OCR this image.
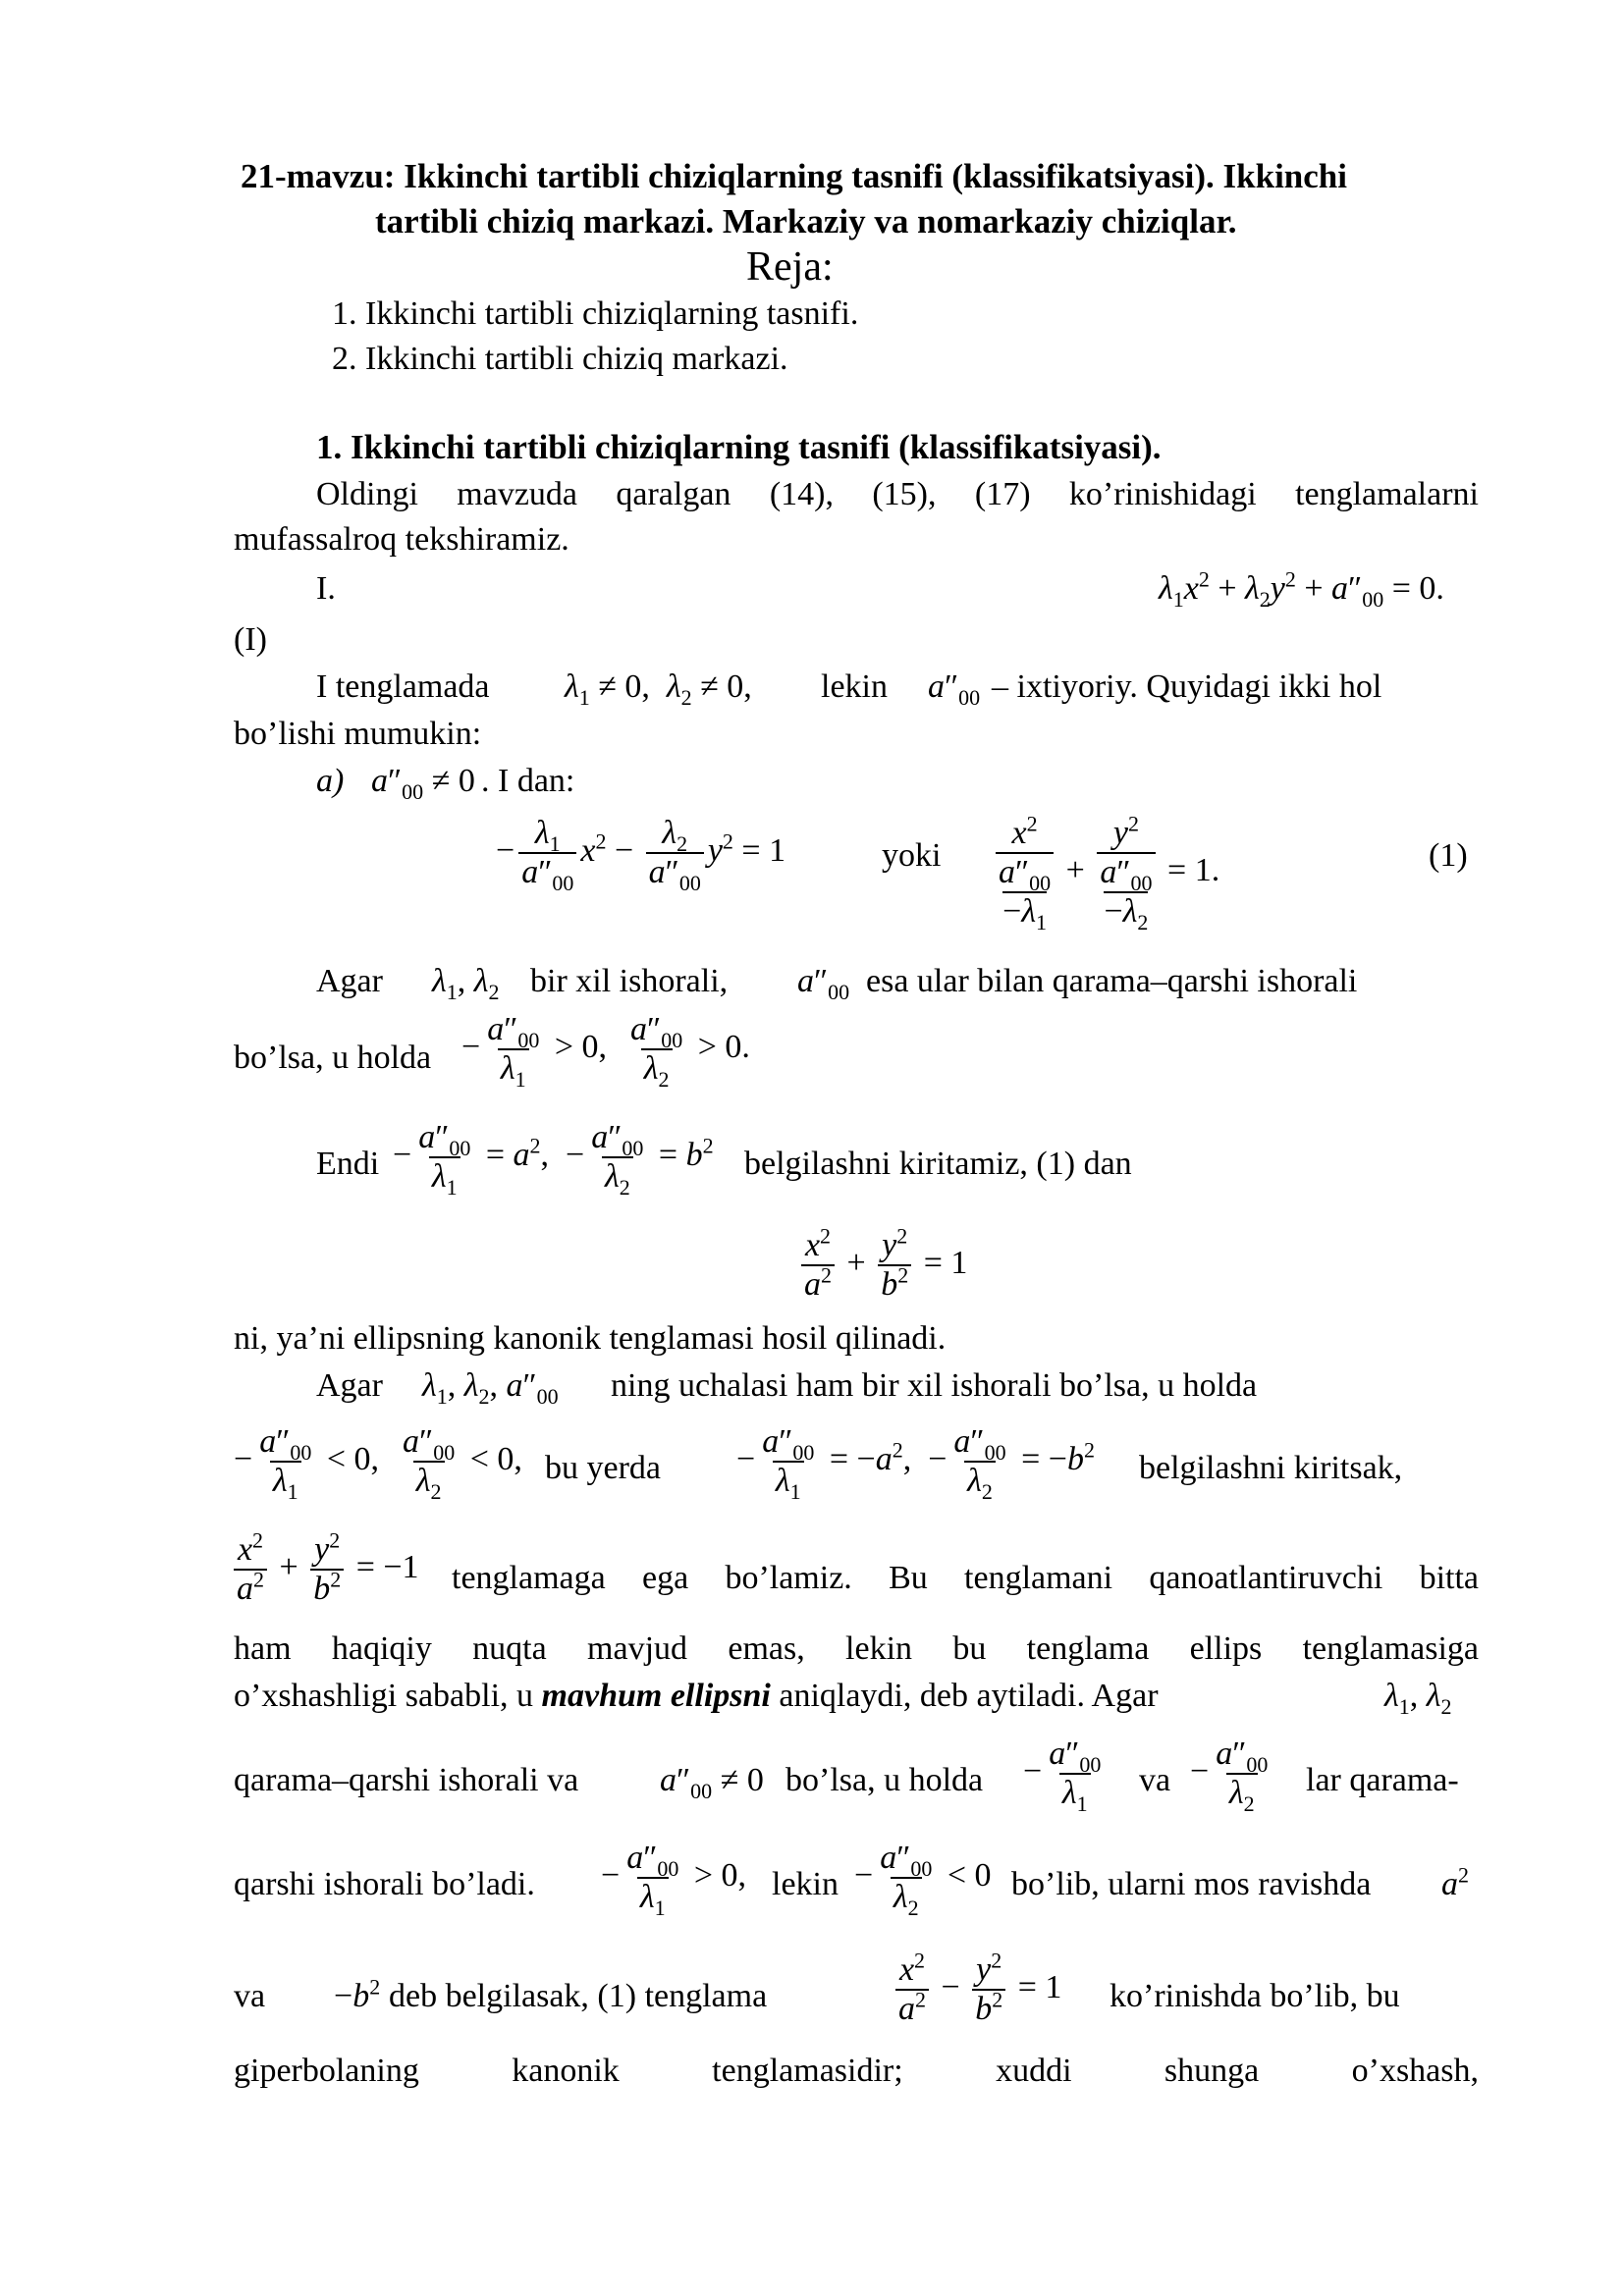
21-mavzu: Ikkinchi tartibli chiziqlarning tasnifi (klassifikatsiyasi). Ikkinchi
tartibli chiziq markazi. Markaziy va nomarkaziy chiziqlar.
Reja:
1. Ikkinchi tartibli chiziqlarning tasnifi.
2. Ikkinchi tartibli chiziq markazi.
1. Ikkinchi tartibli chiziqlarning tasnifi (klassifikatsiyasi).
Oldingi mavzuda qaralgan (14), (15), (17) ko’rinishidagi tenglamalarni
mufassalroq tekshiramiz.
I.	$\lambda_1x^2 + \lambda_2y^2 + a''_{00} = 0$.
(I)
I tenglamada $\lambda_1 \ne 0$,  $\lambda_2 \ne 0$, lekin $a''_{00}$ – ixtiyoriy. Quyidagi ikki hol
bo’lishi mumukin:
a) $a''_{00} \ne 0$ . I dan:
− $\frac{\lambda_1}{a''_{00}} x^2 - \frac{\lambda_2}{a''_{00}} y^2 = 1$	yoki $\frac{x^2}{\frac{a''_{00}}{-\lambda_1}} + \frac{y^2}{\frac{a''_{00}}{-\lambda_2}} = 1$.	(1)
Agar $\lambda_1$, $\lambda_2$ bir xil ishorali, $a''_{00}$ esa ular bilan qarama–qarshi ishorali
bo’lsa, u holda − $\frac{a''_{00}}{\lambda_1} > 0$, $\frac{a''_{00}}{\lambda_2} > 0$.
Endi − $\frac{a''_{00}}{\lambda_1} = a^2$,  − $\frac{a''_{00}}{\lambda_2} = b^2$
belgilashni kiritamiz, (1) dan
$\frac{x^2}{a^2} + \frac{y^2}{b^2} = 1$
ni, ya’ni ellipsning kanonik tenglamasi hosil qilinadi.
Agar $\lambda_1$, $\lambda_2$, $a''_{00}$ ning uchalasi ham bir xil ishorali bo’lsa, u holda
− $\frac{a''_{00}}{\lambda_1} < 0$, $\frac{a''_{00}}{\lambda_2} < 0$, bu yerda − $\frac{a''_{00}}{\lambda_1} = -a^2$,  − $\frac{a''_{00}}{\lambda_2} = -b^2$
belgilashni kiritsak,
$\frac{x^2}{a^2} + \frac{y^2}{b^2} = -1$ tenglamaga ega bo’lamiz. Bu tenglamani qanoatlantiruvchi bitta
ham haqiqiy nuqta mavjud emas, lekin bu tenglama ellips tenglamasiga
o’xshashligi sababli, u mavhum ellipsni aniqlaydi, deb aytiladi. Agar	$\lambda_1$, $\lambda_2$
qarama–qarshi ishorali va $a''_{00} \ne 0$ bo’lsa, u holda − $\frac{a''_{00}}{\lambda_1}$ va − $\frac{a''_{00}}{\lambda_2}$ lar qarama-
qarshi ishorali bo’ladi. − $\frac{a''_{00}}{\lambda_1} > 0$, lekin − $\frac{a''_{00}}{\lambda_2} < 0$ bo’lib, ularni mos ravishda $a^2$
va $-b^2$ deb belgilasak, (1) tenglama	$\frac{x^2}{a^2} - \frac{y^2}{b^2} = 1$ ko’rinishda bo’lib, bu
giperbolaning kanonik tenglamasidir; xuddi shunga o’xshash,
